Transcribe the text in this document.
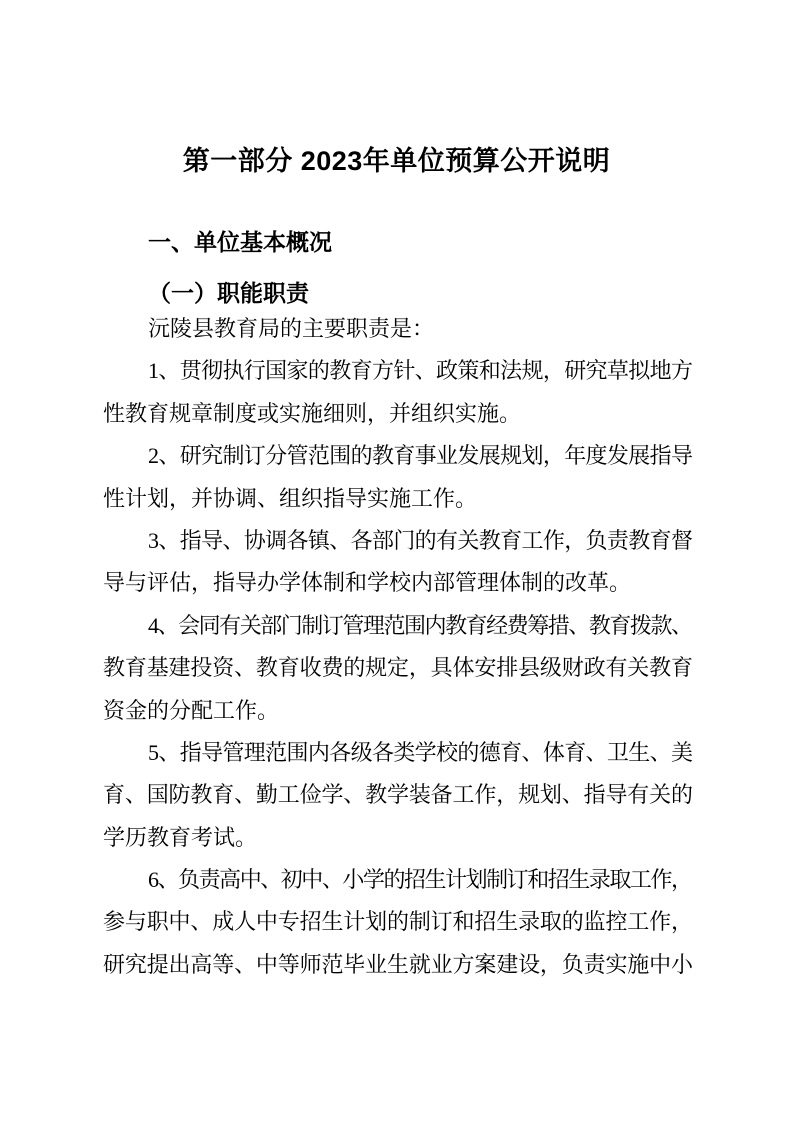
第一部分 2023年单位预算公开说明
一、单位基本概况
（一）职能职责
沅陵县教育局的主要职责是：
1、贯彻执行国家的教育方针、政策和法规，研究草拟地方
性教育规章制度或实施细则，并组织实施。
2、研究制订分管范围的教育事业发展规划，年度发展指导
性计划，并协调、组织指导实施工作。
3、指导、协调各镇、各部门的有关教育工作，负责教育督
导与评估，指导办学体制和学校内部管理体制的改革。
4、会同有关部门制订管理范围内教育经费筹措、教育拨款、
教育基建投资、教育收费的规定，具体安排县级财政有关教育
资金的分配工作。
5、指导管理范围内各级各类学校的德育、体育、卫生、美
育、国防教育、勤工俭学、教学装备工作，规划、指导有关的
学历教育考试。
6、负责高中、初中、小学的招生计划制订和招生录取工作，
参与职中、成人中专招生计划的制订和招生录取的监控工作，
研究提出高等、中等师范毕业生就业方案建设，负责实施中小
